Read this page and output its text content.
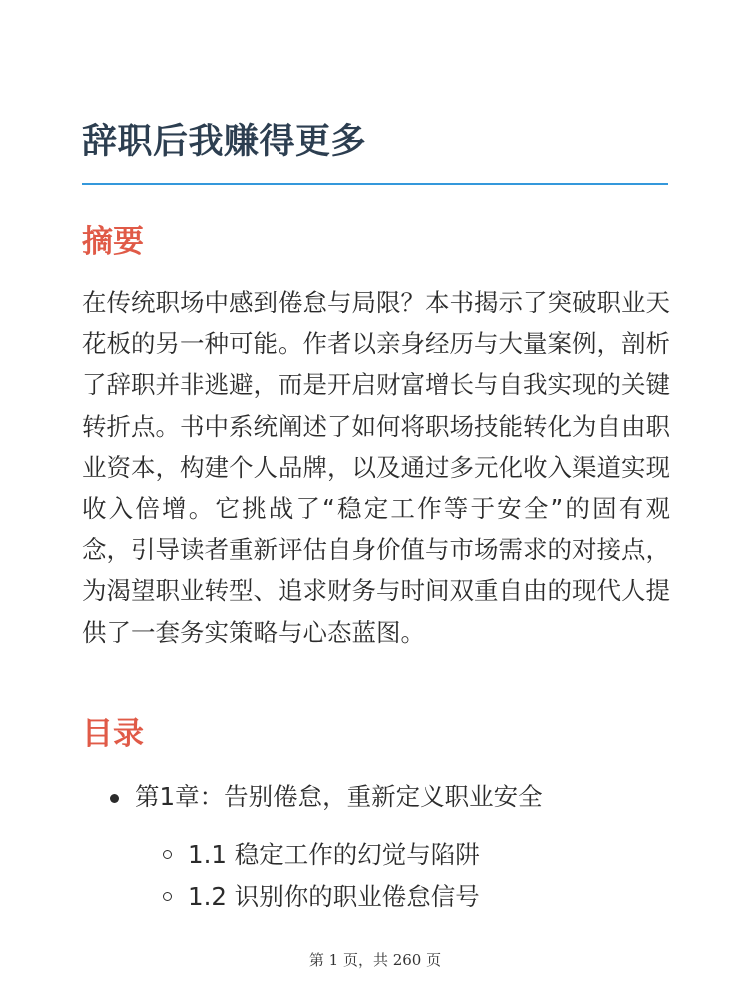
辞职后我赚得更多
摘要

在传统职场中感到倦怠与局限？本书揭示了突破职业天花板的另一种可能。作者以亲身经历与大量案例，剖析了辞职并非逃避，而是开启财富增长与自我实现的关键转折点。书中系统阐述了如何将职场技能转化为自由职业资本，构建个人品牌，以及通过多元化收入渠道实现收入倍增。它挑战了“稳定工作等于安全”的固有观念，引导读者重新评估自身价值与市场需求的对接点，为渴望职业转型、追求财务与时间双重自由的现代人提供了一套务实策略与心态蓝图。

目录
第1章：告别倦怠，重新定义职业安全
1.1 稳定工作的幻觉与陷阱
1.2 识别你的职业倦怠信号
第 1 页，共 260 页
